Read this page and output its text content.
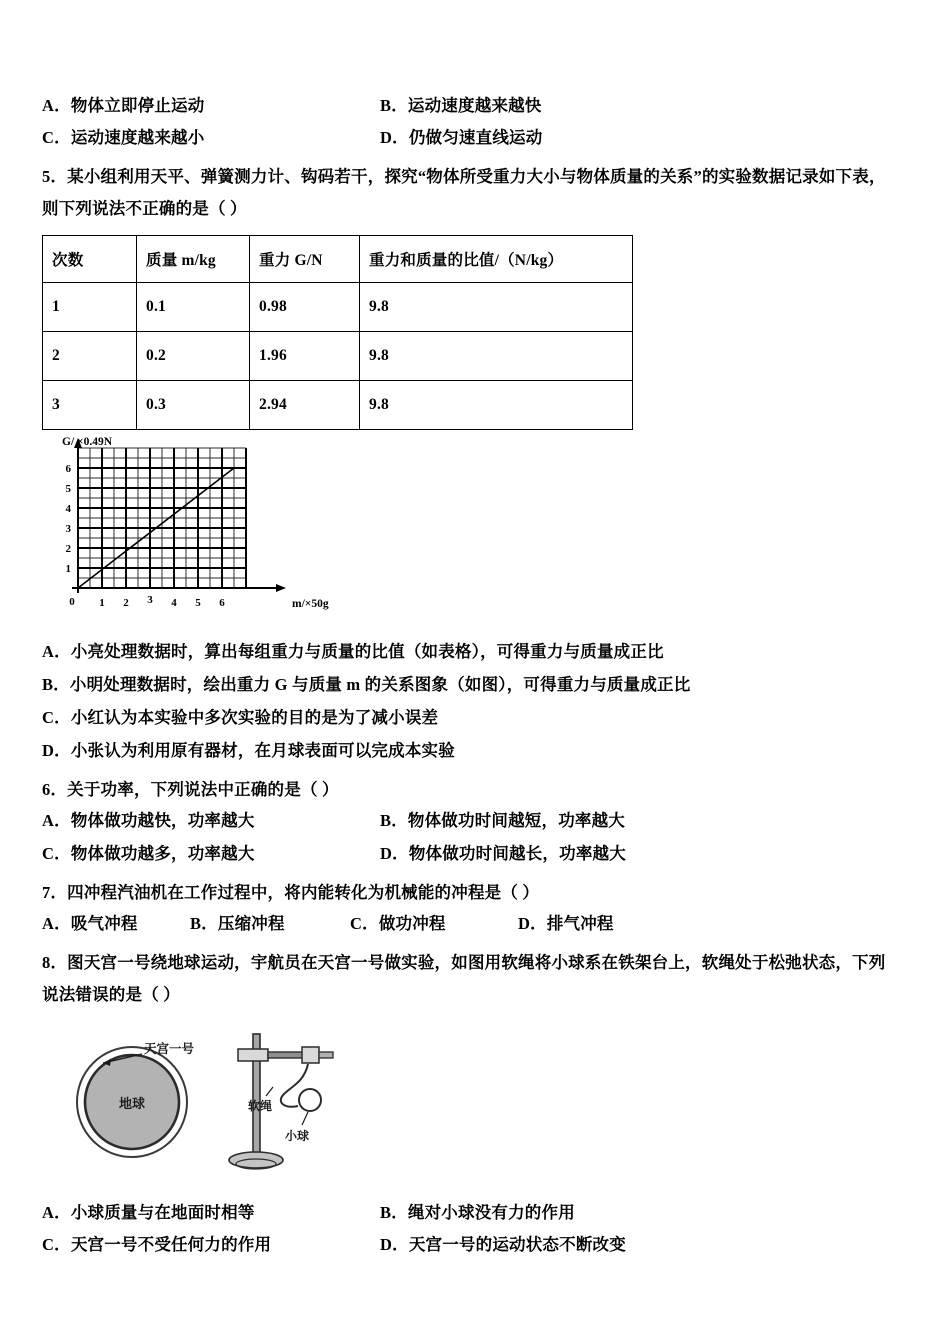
A．物体立即停止运动	B．运动速度越来越快
C．运动速度越来越小	D．仍做匀速直线运动
5．某小组利用天平、弹簧测力计、钩码若干，探究“物体所受重力大小与物体质量的关系”的实验数据记录如下表，
则下列说法不正确的是（ ）
次数	质量 m/kg	重力 G/N	重力和质量的比值/（N/kg）
1	0.1	0.98	9.8
2	0.2	1.96	9.8
3	0.3	2.94	9.8
1
2
3
4
5
6
0 1 2 3 4 5 6
G/ ×0.49N
m/×50g
A．小亮处理数据时，算出每组重力与质量的比值（如表格），可得重力与质量成正比
B．小明处理数据时，绘出重力 G 与质量 m 的关系图象（如图），可得重力与质量成正比
C．小红认为本实验中多次实验的目的是为了减小误差
D．小张认为利用原有器材，在月球表面可以完成本实验
6．关于功率，下列说法中正确的是（ ）
A．物体做功越快，功率越大	B．物体做功时间越短，功率越大
C．物体做功越多，功率越大	D．物体做功时间越长，功率越大
7．四冲程汽油机在工作过程中，将内能转化为机械能的冲程是（ ）
A．吸气冲程	B．压缩冲程	C．做功冲程	D．排气冲程
8．图天宫一号绕地球运动，宇航员在天宫一号做实验，如图用软绳将小球系在铁架台上，软绳处于松弛状态，下列
说法错误的是（ ）
地球
天宫一号
软绳
小球
A．小球质量与在地面时相等	B．绳对小球没有力的作用
C．天宫一号不受任何力的作用	D．天宫一号的运动状态不断改变
